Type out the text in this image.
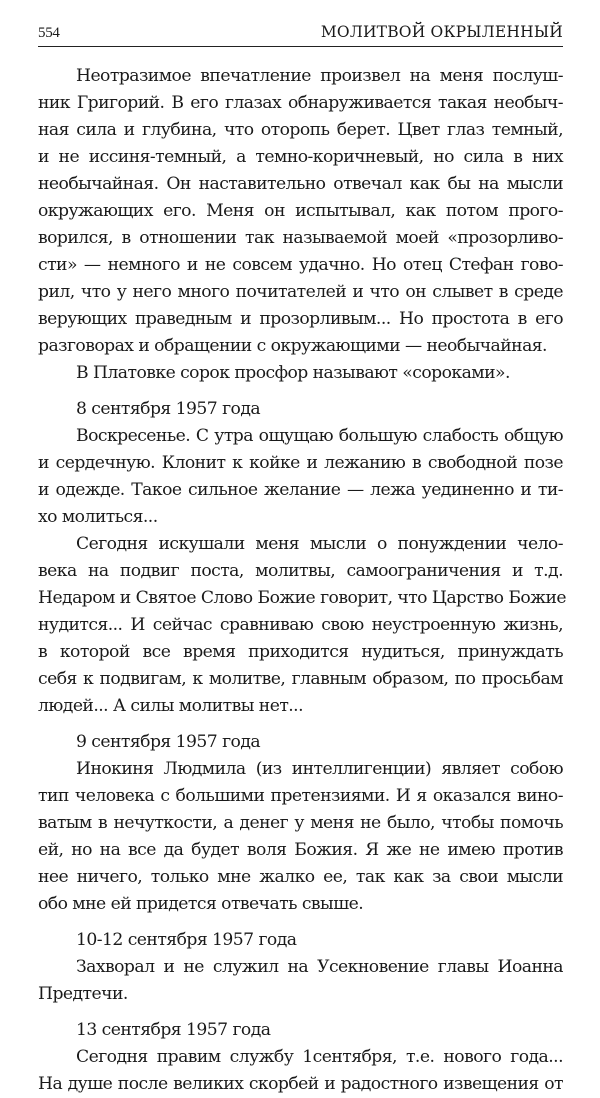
554	МОЛИТВОЙ ОКРЫЛЕННЫЙ
Неотразимое впечатление произвел на меня послуш-
ник Григорий. В его глазах обнаруживается такая необыч-
ная сила и глубина, что оторопь берет. Цвет глаз темный,
и не иссиня-темный, а темно-коричневый, но сила в них
необычайная. Он наставительно отвечал как бы на мысли
окружающих его. Меня он испытывал, как потом прого-
ворился, в отношении так называемой моей «прозорливо-
сти» — немного и не совсем удачно. Но отец Стефан гово-
рил, что у него много почитателей и что он слывет в среде
верующих праведным и прозорливым... Но простота в его
разговорах и обращении с окружающими — необычайная.
В Платовке сорок просфор называют «сороками».
8 сентября 1957 года
Воскресенье. С утра ощущаю большую слабость общую
и сердечную. Клонит к койке и лежанию в свободной позе
и одежде. Такое сильное желание — лежа уединенно и ти-
хо молиться...
Сегодня искушали меня мысли о понуждении чело-
века на подвиг поста, молитвы, самоограничения и т.д.
Недаром и Святое Слово Божие говорит, что Царство Божие
нудится... И сейчас сравниваю свою неустроенную жизнь,
в которой все время приходится нудиться, принуждать
себя к подвигам, к молитве, главным образом, по просьбам
людей... А силы молитвы нет...
9 сентября 1957 года
Инокиня Людмила (из интеллигенции) являет собою
тип человека с большими претензиями. И я оказался вино-
ватым в нечуткости, а денег у меня не было, чтобы помочь
ей, но на все да будет воля Божия. Я же не имею против
нее ничего, только мне жалко ее, так как за свои мысли
обо мне ей придется отвечать свыше.
10-12 сентября 1957 года
Захворал и не служил на Усекновение главы Иоанна
Предтечи.
13 сентября 1957 года
Сегодня правим службу 1сентября, т.е. нового года...
На душе после великих скорбей и радостного извещения от
